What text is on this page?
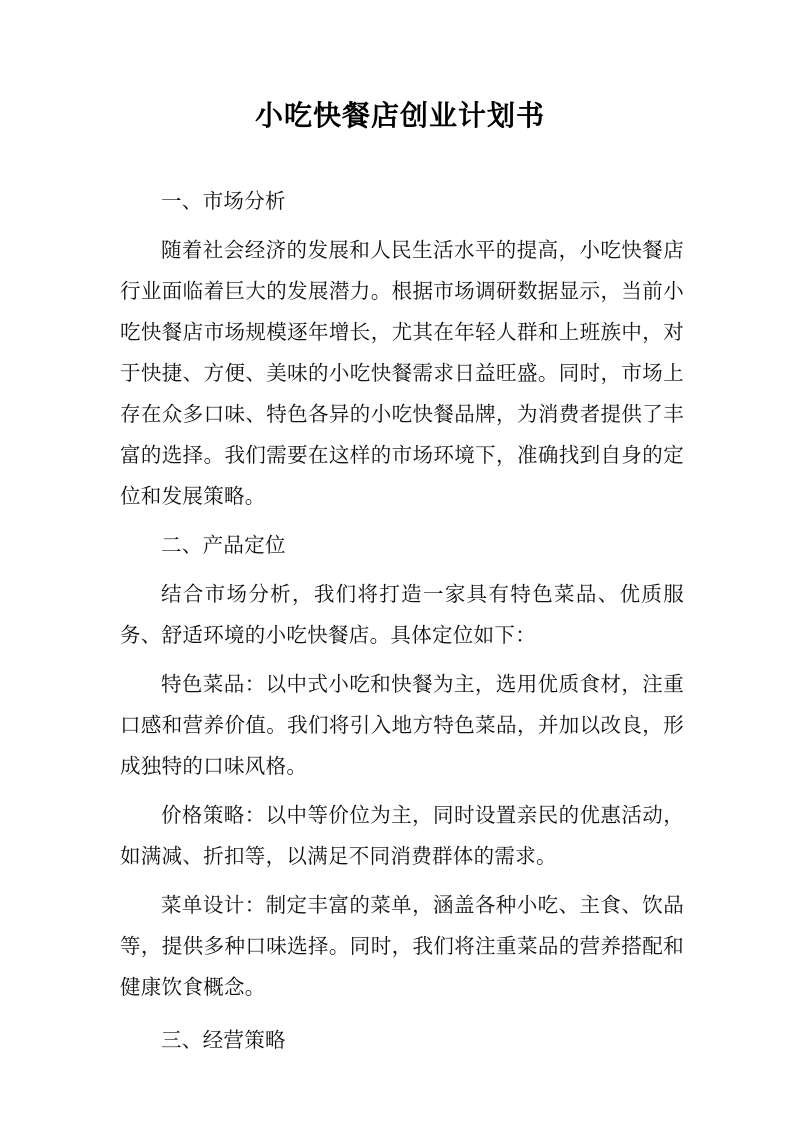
小吃快餐店创业计划书
一、市场分析

随着社会经济的发展和人民生活水平的提高，小吃快餐店行业面临着巨大的发展潜力。根据市场调研数据显示，当前小吃快餐店市场规模逐年增长，尤其在年轻人群和上班族中，对于快捷、方便、美味的小吃快餐需求日益旺盛。同时，市场上存在众多口味、特色各异的小吃快餐品牌，为消费者提供了丰富的选择。我们需要在这样的市场环境下，准确找到自身的定位和发展策略。

二、产品定位

结合市场分析，我们将打造一家具有特色菜品、优质服务、舒适环境的小吃快餐店。具体定位如下：

特色菜品：以中式小吃和快餐为主，选用优质食材，注重口感和营养价值。我们将引入地方特色菜品，并加以改良，形成独特的口味风格。

价格策略：以中等价位为主，同时设置亲民的优惠活动，如满减、折扣等，以满足不同消费群体的需求。

菜单设计：制定丰富的菜单，涵盖各种小吃、主食、饮品等，提供多种口味选择。同时，我们将注重菜品的营养搭配和健康饮食概念。

三、经营策略
